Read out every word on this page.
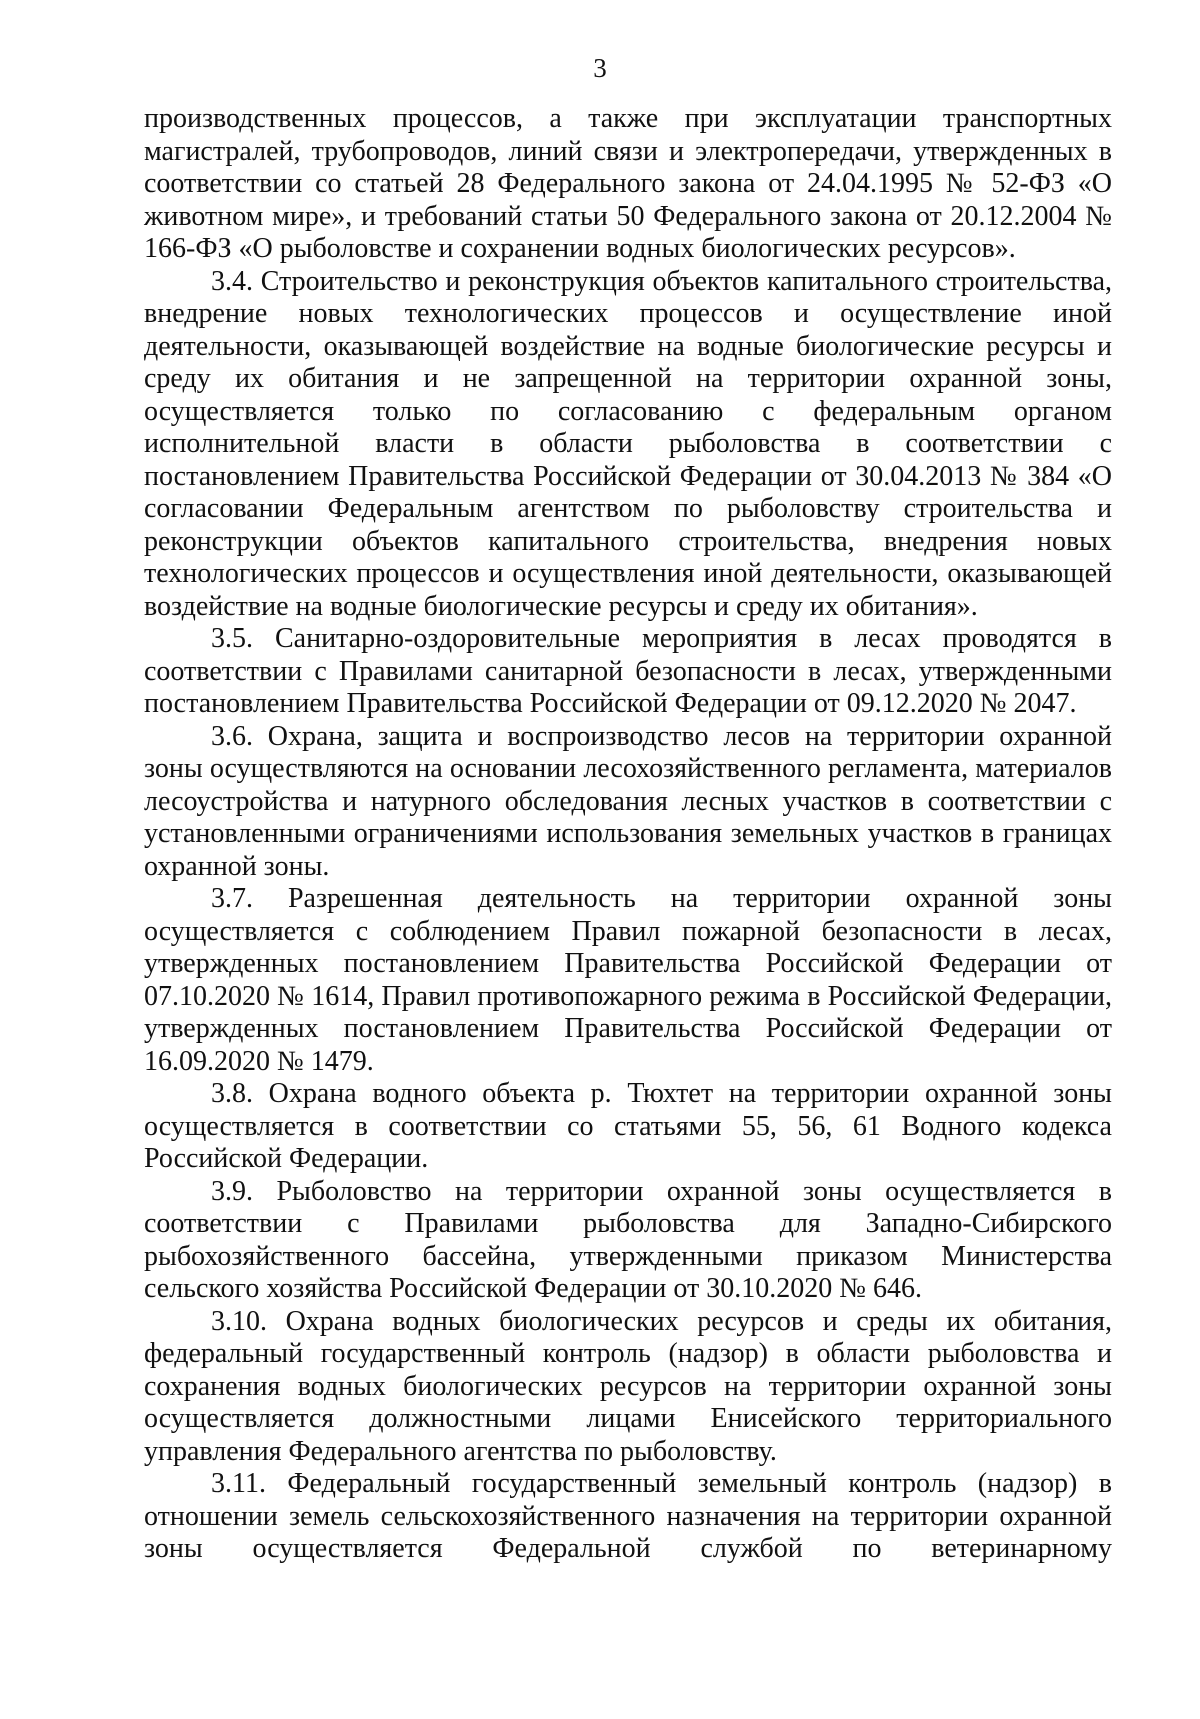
3

производственных процессов, а также при эксплуатации транспортных магистралей, трубопроводов, линий связи и электропередачи, утвержденных в соответствии со статьей 28 Федерального закона от 24.04.1995 № 52-ФЗ «О животном мире», и требований статьи 50 Федерального закона от 20.12.2004 № 166-ФЗ «О рыболовстве и сохранении водных биологических ресурсов».

3.4. Строительство и реконструкция объектов капитального строительства, внедрение новых технологических процессов и осуществление иной деятельности, оказывающей воздействие на водные биологические ресурсы и среду их обитания и не запрещенной на территории охранной зоны, осуществляется только по согласованию с федеральным органом исполнительной власти в области рыболовства в соответствии с постановлением Правительства Российской Федерации от 30.04.2013 № 384 «О согласовании Федеральным агентством по рыболовству строительства и реконструкции объектов капитального строительства, внедрения новых технологических процессов и осуществления иной деятельности, оказывающей воздействие на водные биологические ресурсы и среду их обитания».

3.5. Санитарно-оздоровительные мероприятия в лесах проводятся в соответствии с Правилами санитарной безопасности в лесах, утвержденными постановлением Правительства Российской Федерации от 09.12.2020 № 2047.

3.6. Охрана, защита и воспроизводство лесов на территории охранной зоны осуществляются на основании лесохозяйственного регламента, материалов лесоустройства и натурного обследования лесных участков в соответствии с установленными ограничениями использования земельных участков в границах охранной зоны.

3.7. Разрешенная деятельность на территории охранной зоны осуществляется с соблюдением Правил пожарной безопасности в лесах, утвержденных постановлением Правительства Российской Федерации от 07.10.2020 № 1614, Правил противопожарного режима в Российской Федерации, утвержденных постановлением Правительства Российской Федерации от 16.09.2020 № 1479.

3.8. Охрана водного объекта р. Тюхтет на территории охранной зоны осуществляется в соответствии со статьями 55, 56, 61 Водного кодекса Российской Федерации.

3.9. Рыболовство на территории охранной зоны осуществляется в соответствии с Правилами рыболовства для Западно-Сибирского рыбохозяйственного бассейна, утвержденными приказом Министерства сельского хозяйства Российской Федерации от 30.10.2020 № 646.

3.10. Охрана водных биологических ресурсов и среды их обитания, федеральный государственный контроль (надзор) в области рыболовства и сохранения водных биологических ресурсов на территории охранной зоны осуществляется должностными лицами Енисейского территориального управления Федерального агентства по рыболовству.

3.11. Федеральный государственный земельный контроль (надзор) в отношении земель сельскохозяйственного назначения на территории охранной зоны осуществляется Федеральной службой по ветеринарному
